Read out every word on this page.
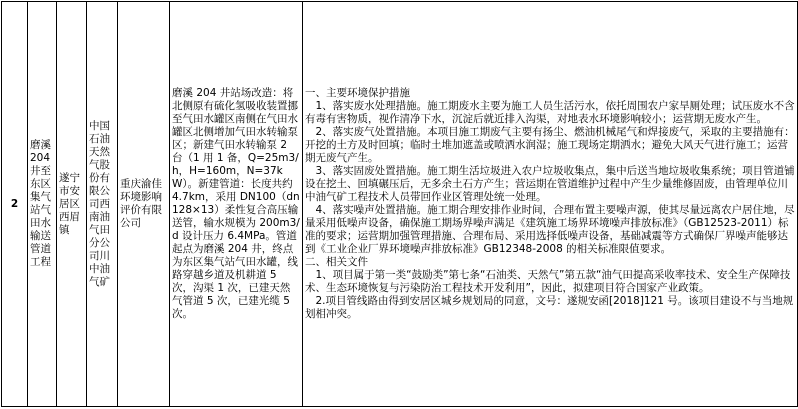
2	磨溪204井至东区集气站气田水输送管道工程	遂宁市安居区西眉镇	中国石油天然气股份有限公司西南油气田分公司川中油气矿	重庆渝佳环境影响评价有限公司	磨溪 204 井站场改造：将北侧原有硫化氢吸收装置挪至气田水罐区南侧在气田水罐区北侧增加气田水转输泵区；新建气田水转输泵 2 台（1 用 1 备，Q=25m3/h，H=160m，N=37kW）。新建管道：长度共约 4.7km，采用 DN100（dn128×13）柔性复合高压输送管，输水规模为 200m3/d 设计压力 6.4MPa。管道起点为磨溪 204 井，终点为东区集气站气田水罐，线路穿越乡道及机耕道 5 次，沟渠 1 次，已建天然气管道 5 次，已建光缆 5 次。	

一、主要环境保护措施

1、落实废水处理措施。施工期废水主要为施工人员生活污水，依托周围农户家旱厕处理；试压废水不含有毒有害物质，视作清净下水，沉淀后就近排入沟渠，对地表水环境影响较小；运营期无废水产生。

2、落实废气处置措施。本项目施工期废气主要有扬尘、燃油机械尾气和焊接废气，采取的主要措施有：开挖的土方及时回填；临时土堆加遮盖或喷洒水润湿；施工现场定期洒水；避免大风天气进行施工；运营期无废气产生。

3、落实固废处置措施。施工期生活垃圾进入农户垃圾收集点，集中后送当地垃圾收集系统；项目管道铺设在挖土、回填碾压后，无多余土石方产生；营运期在管道维护过程中产生少量维修固废，由管理单位川中油气矿工程技术人员带回作业区管理处统一处理。

4、落实噪声处置措施。施工期合理安排作业时间，合理布置主要噪声源，使其尽量远离农户居住地，尽量采用低噪声设备，确保施工期场界噪声满足《建筑施工场界环境噪声排放标准》（GB12523-2011）标准的要求；运营期加强管理措施、合理布局、采用选择低噪声设备，基础减震等方式确保厂界噪声能够达到《工业企业厂界环境噪声排放标准》GB12348-2008 的相关标准限值要求。

二、相关文件

1、项目属于第一类“鼓励类”第七条“石油类、天然气”第五款“油气田提高采收率技术、安全生产保障技术、生态环境恢复与污染防治工程技术开发利用”，因此，拟建项目符合国家产业政策。

2.项目管线路由得到安居区城乡规划局的同意，文号：遂规安函[2018]121 号。该项目建设不与当地规划相冲突。
